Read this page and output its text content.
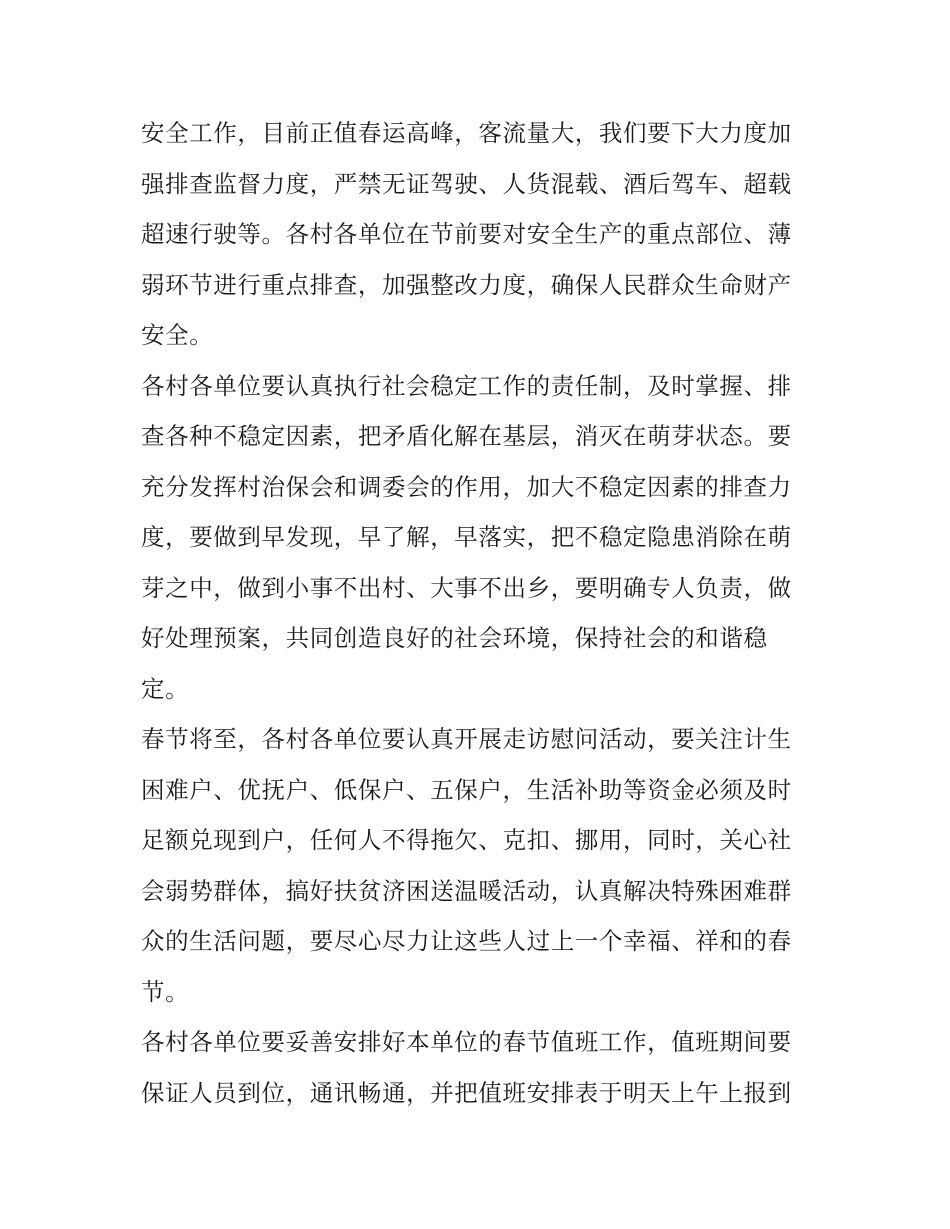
安全工作，目前正值春运高峰，客流量大，我们要下大力度加
强排查监督力度，严禁无证驾驶、人货混载、酒后驾车、超载
超速行驶等。各村各单位在节前要对安全生产的重点部位、薄
弱环节进行重点排查，加强整改力度，确保人民群众生命财产
安全。
各村各单位要认真执行社会稳定工作的责任制，及时掌握、排
查各种不稳定因素，把矛盾化解在基层，消灭在萌芽状态。要
充分发挥村治保会和调委会的作用，加大不稳定因素的排查力
度，要做到早发现，早了解，早落实，把不稳定隐患消除在萌
芽之中，做到小事不出村、大事不出乡，要明确专人负责，做
好处理预案，共同创造良好的社会环境，保持社会的和谐稳
定。
春节将至，各村各单位要认真开展走访慰问活动，要关注计生
困难户、优抚户、低保户、五保户，生活补助等资金必须及时
足额兑现到户，任何人不得拖欠、克扣、挪用，同时，关心社
会弱势群体，搞好扶贫济困送温暖活动，认真解决特殊困难群
众的生活问题，要尽心尽力让这些人过上一个幸福、祥和的春
节。
各村各单位要妥善安排好本单位的春节值班工作，值班期间要
保证人员到位，通讯畅通，并把值班安排表于明天上午上报到
